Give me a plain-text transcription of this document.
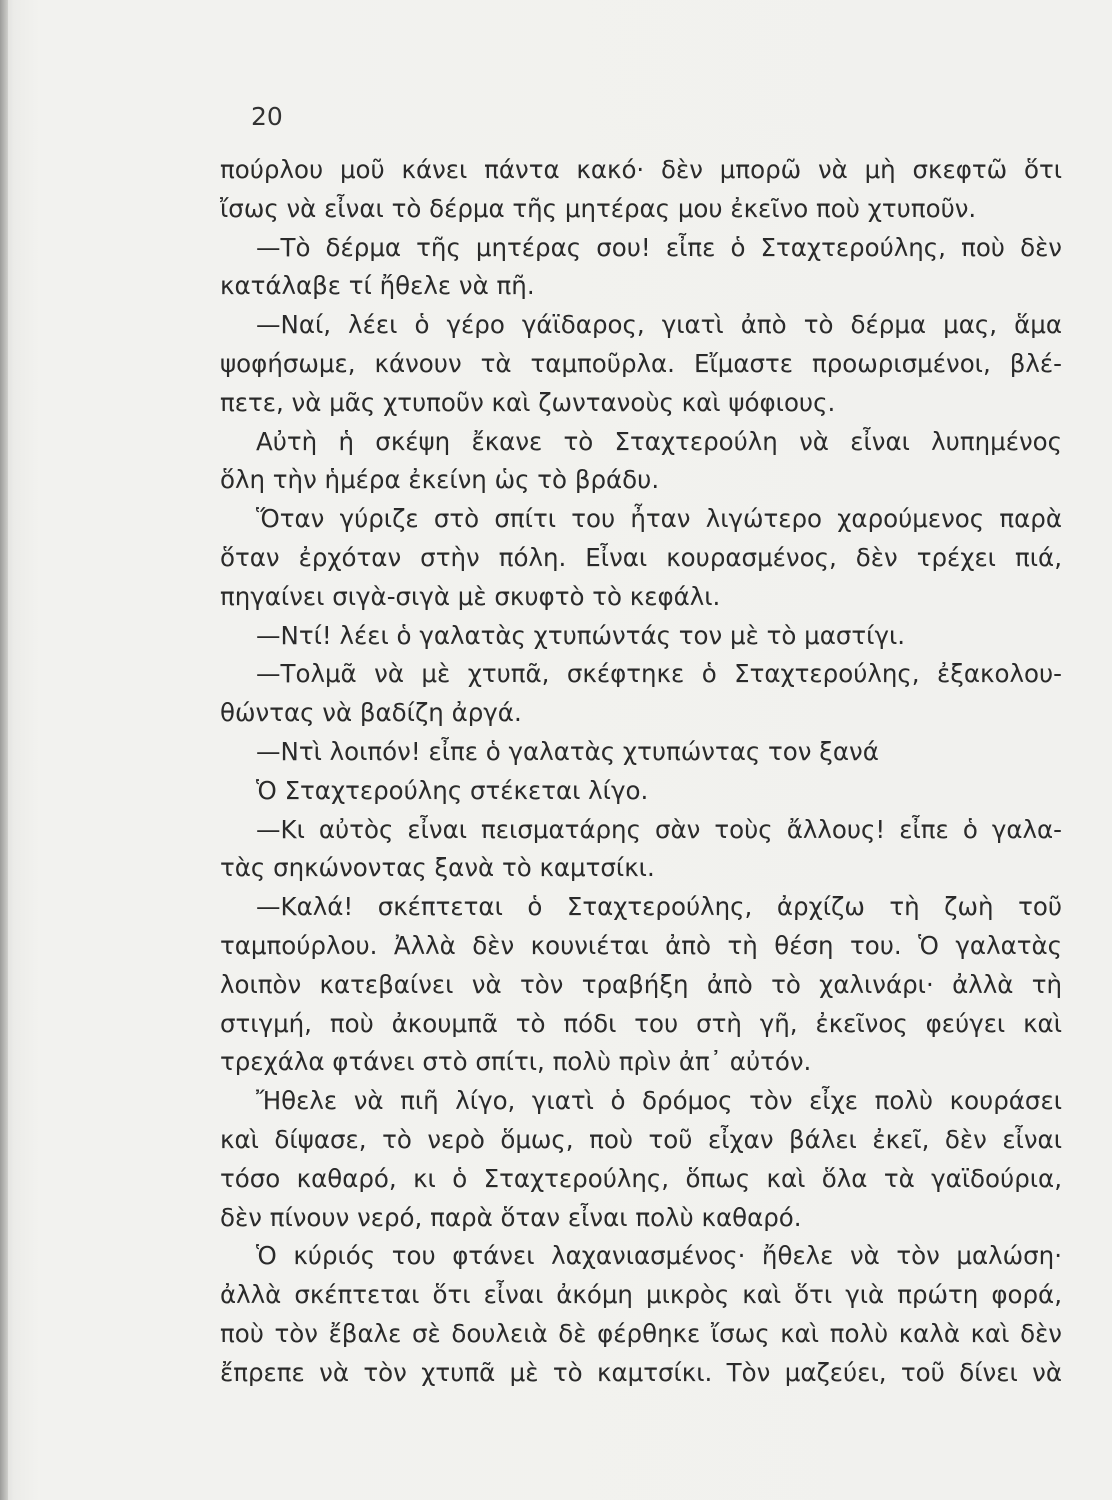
20
πούρλου μοῦ κάνει πάντα κακό· δὲν μπορῶ νὰ μὴ σκεφτῶ ὅτι
ἴσως νὰ εἶναι τὸ δέρμα τῆς μητέρας μου ἐκεῖνο ποὺ χτυποῦν.
—Τὸ δέρμα τῆς μητέρας σου! εἶπε ὁ Σταχτερούλης, ποὺ δὲν
κατάλαβε τί ἤθελε νὰ πῆ.
—Ναί, λέει ὁ γέρο γάϊδαρος, γιατὶ ἀπὸ τὸ δέρμα μας, ἅμα
ψοφήσωμε, κάνουν τὰ ταμποῦρλα. Εἴμαστε προωρισμένοι, βλέ-
πετε, νὰ μᾶς χτυποῦν καὶ ζωντανοὺς καὶ ψόφιους.
Αὐτὴ ἡ σκέψη ἔκανε τὸ Σταχτερούλη νὰ εἶναι λυπημένος
ὅλη τὴν ἡμέρα ἐκείνη ὡς τὸ βράδυ.
Ὅταν γύριζε στὸ σπίτι του ἦταν λιγώτερο χαρούμενος παρὰ
ὅταν ἐρχόταν στὴν πόλη. Εἶναι κουρασμένος, δὲν τρέχει πιά,
πηγαίνει σιγὰ-σιγὰ μὲ σκυφτὸ τὸ κεφάλι.
—Ντί! λέει ὁ γαλατὰς χτυπώντάς τον μὲ τὸ μαστίγι.
—Τολμᾶ νὰ μὲ χτυπᾶ, σκέφτηκε ὁ Σταχτερούλης, ἐξακολου-
θώντας νὰ βαδίζη ἀργά.
—Ντὶ λοιπόν! εἶπε ὁ γαλατὰς χτυπώντας τον ξανά
Ὁ Σταχτερούλης στέκεται λίγο.
—Κι αὐτὸς εἶναι πεισματάρης σὰν τοὺς ἄλλους! εἶπε ὁ γαλα-
τὰς σηκώνοντας ξανὰ τὸ καμτσίκι.
—Καλά! σκέπτεται ὁ Σταχτερούλης, ἀρχίζω τὴ ζωὴ τοῦ
ταμπούρλου. Ἀλλὰ δὲν κουνιέται ἀπὸ τὴ θέση του. Ὁ γαλατὰς
λοιπὸν κατεβαίνει νὰ τὸν τραβήξη ἀπὸ τὸ χαλινάρι· ἀλλὰ τὴ
στιγμή, ποὺ ἀκουμπᾶ τὸ πόδι του στὴ γῆ, ἐκεῖνος φεύγει καὶ
τρεχάλα φτάνει στὸ σπίτι, πολὺ πρὶν ἀπ᾽ αὐτόν.
Ἤθελε νὰ πιῆ λίγο, γιατὶ ὁ δρόμος τὸν εἶχε πολὺ κουράσει
καὶ δίψασε, τὸ νερὸ ὅμως, ποὺ τοῦ εἶχαν βάλει ἐκεῖ, δὲν εἶναι
τόσο καθαρό, κι ὁ Σταχτερούλης, ὅπως καὶ ὅλα τὰ γαϊδούρια,
δὲν πίνουν νερό, παρὰ ὅταν εἶναι πολὺ καθαρό.
Ὁ κύριός του φτάνει λαχανιασμένος· ἤθελε νὰ τὸν μαλώση·
ἀλλὰ σκέπτεται ὅτι εἶναι ἀκόμη μικρὸς καὶ ὅτι γιὰ πρώτη φορά,
ποὺ τὸν ἔβαλε σὲ δουλειὰ δὲ φέρθηκε ἴσως καὶ πολὺ καλὰ καὶ δὲν
ἔπρεπε νὰ τὸν χτυπᾶ μὲ τὸ καμτσίκι. Τὸν μαζεύει, τοῦ δίνει νὰ
